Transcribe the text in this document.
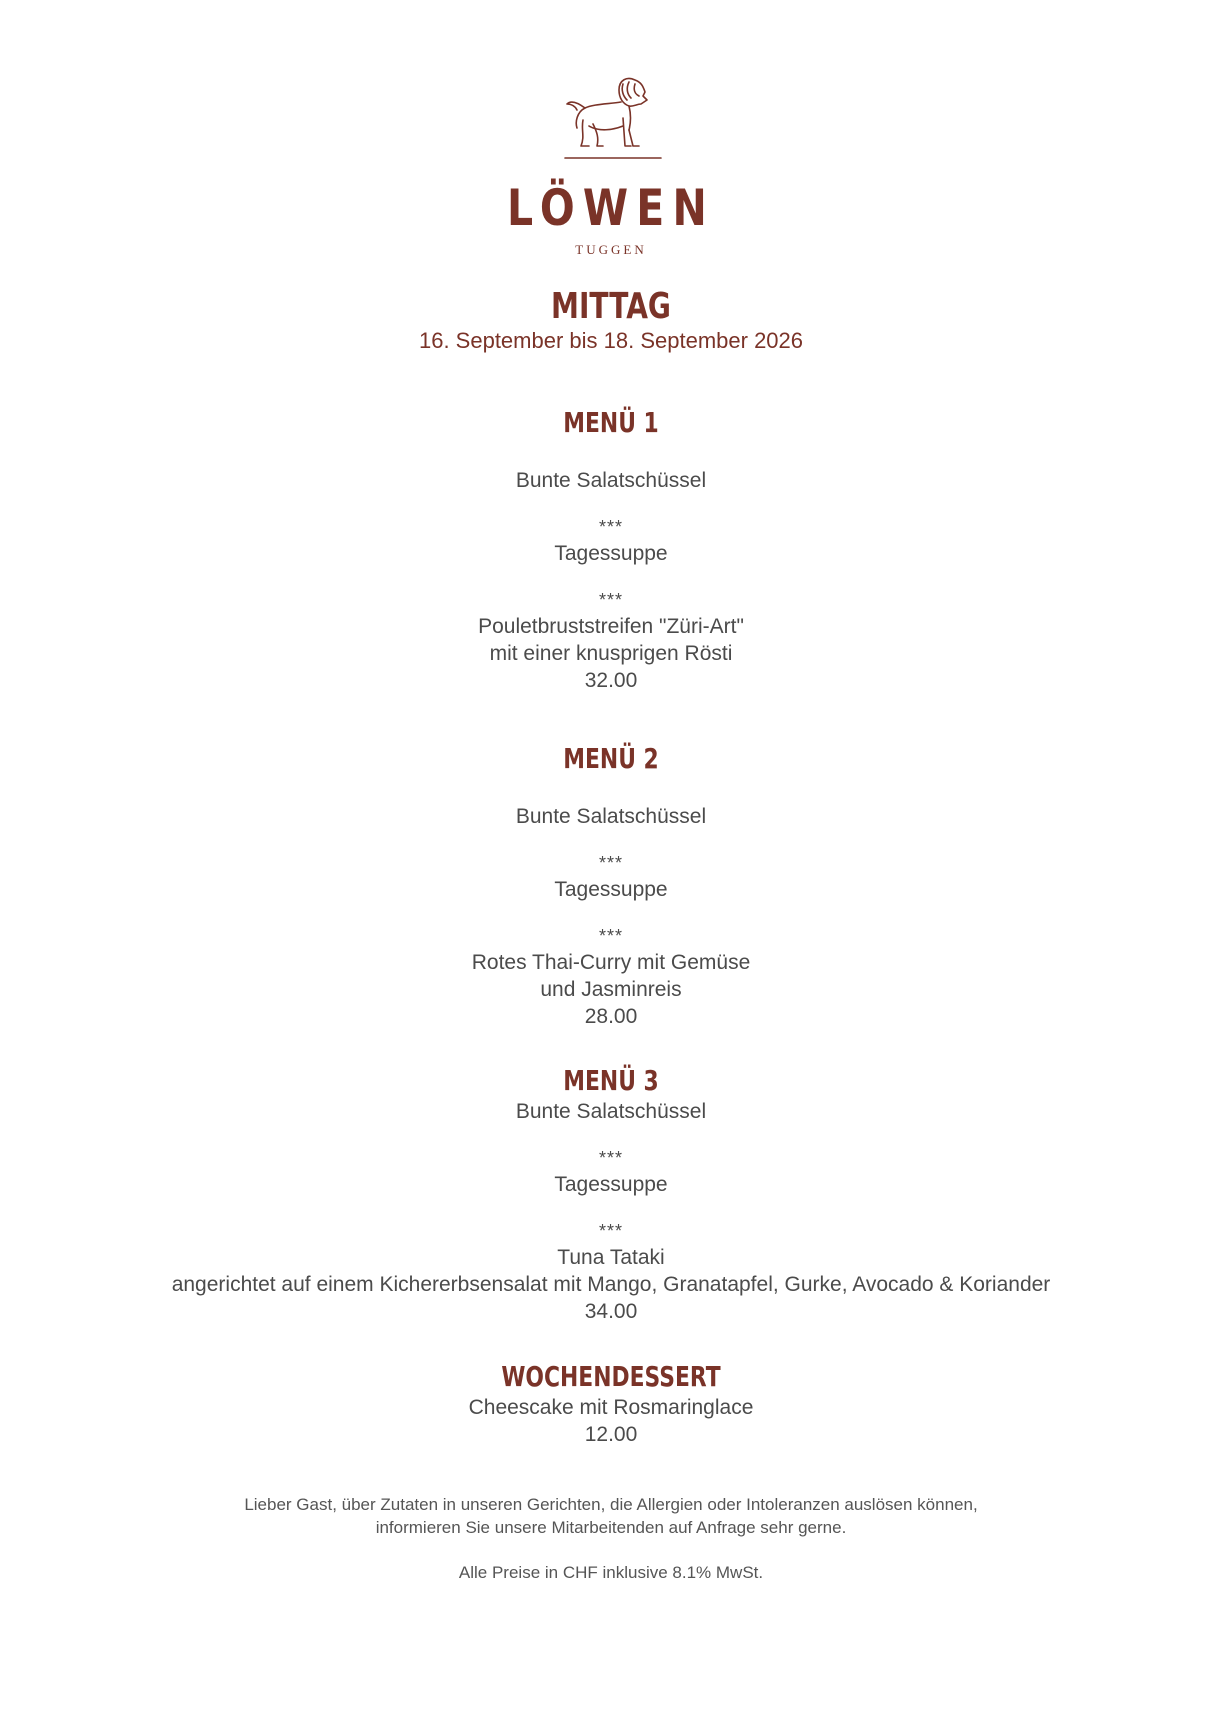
LÖWEN
TUGGEN
MITTAG
16. September bis 18. September 2026
MENÜ 1
Bunte Salatschüssel
***
Tagessuppe
***
Pouletbruststreifen "Züri-Art"
mit einer knusprigen Rösti
32.00
MENÜ 2
Bunte Salatschüssel
***
Tagessuppe
***
Rotes Thai-Curry mit Gemüse
und Jasminreis
28.00
MENÜ 3
Bunte Salatschüssel
***
Tagessuppe
***
Tuna Tataki
angerichtet auf einem Kichererbsensalat mit Mango, Granatapfel, Gurke, Avocado & Koriander
34.00
WOCHENDESSERT
Cheescake mit Rosmaringlace
12.00
Lieber Gast, über Zutaten in unseren Gerichten, die Allergien oder Intoleranzen auslösen können,
informieren Sie unsere Mitarbeitenden auf Anfrage sehr gerne.
Alle Preise in CHF inklusive 8.1% MwSt.
